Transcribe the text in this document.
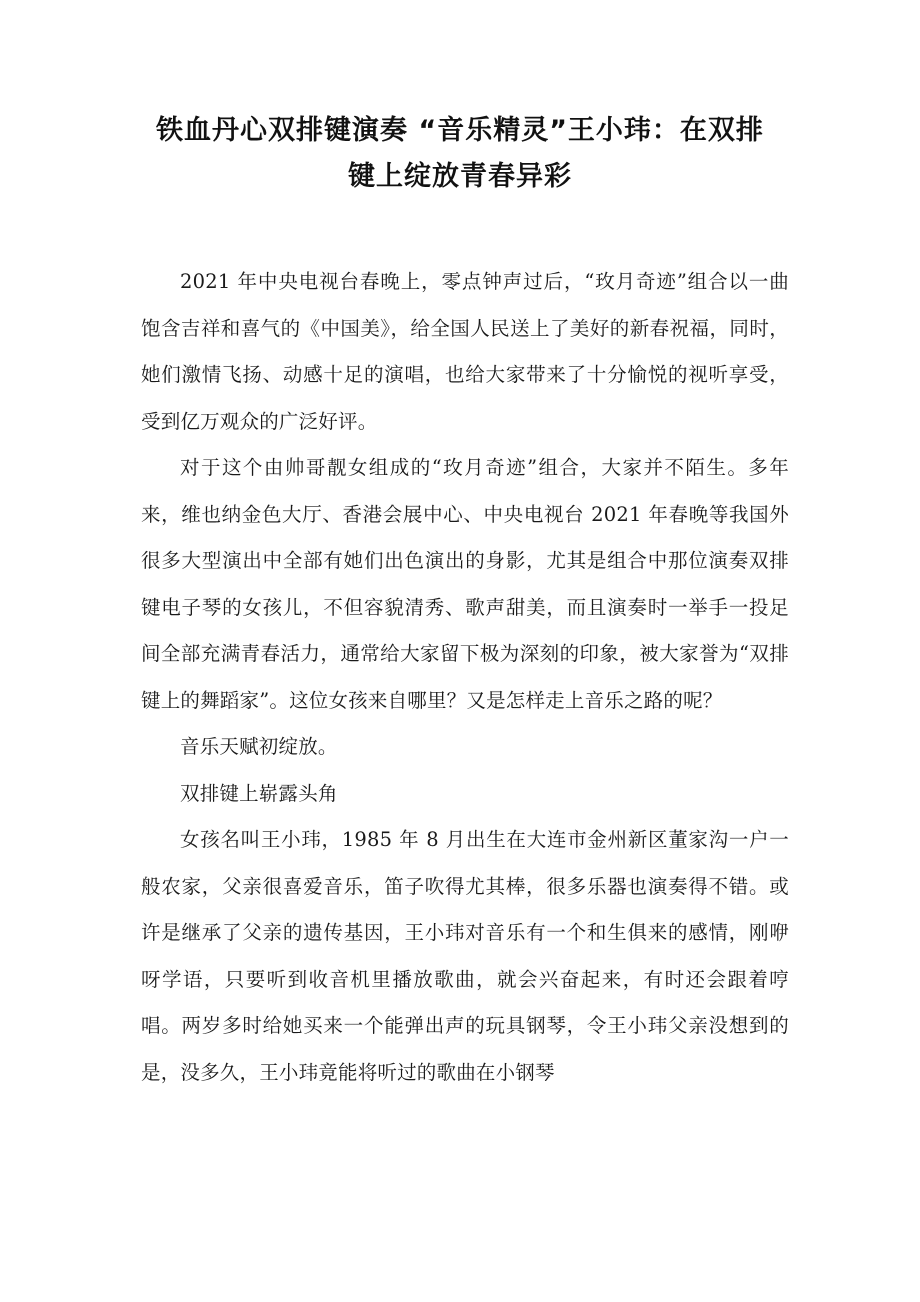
铁血丹心双排键演奏 “音乐精灵”王小玮：在双排
键上绽放青春异彩

2021 年中央电视台春晚上，零点钟声过后，“玫月奇迹”组合以一曲饱含吉祥和喜气的《中国美》，给全国人民送上了美好的新春祝福，同时，她们激情飞扬、动感十足的演唱，也给大家带来了十分愉悦的视听享受，受到亿万观众的广泛好评。

对于这个由帅哥靓女组成的“玫月奇迹”组合，大家并不陌生。多年来，维也纳金色大厅、香港会展中心、中央电视台 2021 年春晚等我国外很多大型演出中全部有她们出色演出的身影，尤其是组合中那位演奏双排键电子琴的女孩儿，不但容貌清秀、歌声甜美，而且演奏时一举手一投足间全部充满青春活力，通常给大家留下极为深刻的印象，被大家誉为“双排键上的舞蹈家”。这位女孩来自哪里？又是怎样走上音乐之路的呢？

音乐天赋初绽放。

双排键上崭露头角

女孩名叫王小玮，1985 年 8 月出生在大连市金州新区董家沟一户一般农家，父亲很喜爱音乐，笛子吹得尤其棒，很多乐器也演奏得不错。或许是继承了父亲的遗传基因，王小玮对音乐有一个和生俱来的感情，刚咿呀学语，只要听到收音机里播放歌曲，就会兴奋起来，有时还会跟着哼唱。两岁多时给她买来一个能弹出声的玩具钢琴，令王小玮父亲没想到的是，没多久，王小玮竟能将听过的歌曲在小钢琴
